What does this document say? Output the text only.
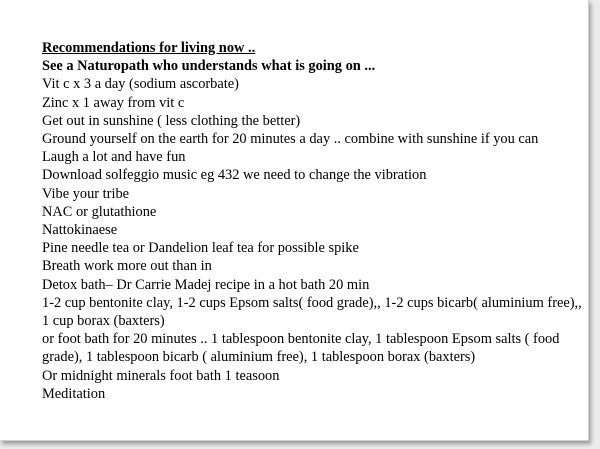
Recommendations for living now ..

See a Naturopath who understands what is going on ...

Vit c x 3 a day (sodium ascorbate)

Zinc x 1 away from vit c

Get out in sunshine ( less clothing the better)

Ground yourself on the earth for 20 minutes a day .. combine with sunshine if you can

Laugh a lot and have fun

Download solfeggio music eg 432 we need to change the vibration

Vibe your tribe

NAC or glutathione

Nattokinaese

Pine needle tea or Dandelion leaf tea for possible spike

Breath work more out than in

Detox bath– Dr Carrie Madej recipe in a hot bath 20 min

1-2 cup bentonite clay, 1-2 cups Epsom salts( food grade),, 1-2 cups bicarb( aluminium free),, 1 cup borax (baxters)

or foot bath for 20 minutes .. 1 tablespoon bentonite clay, 1 tablespoon Epsom salts ( food grade), 1 tablespoon bicarb ( aluminium free), 1 tablespoon borax (baxters)

Or midnight minerals foot bath 1 teasoon

Meditation
